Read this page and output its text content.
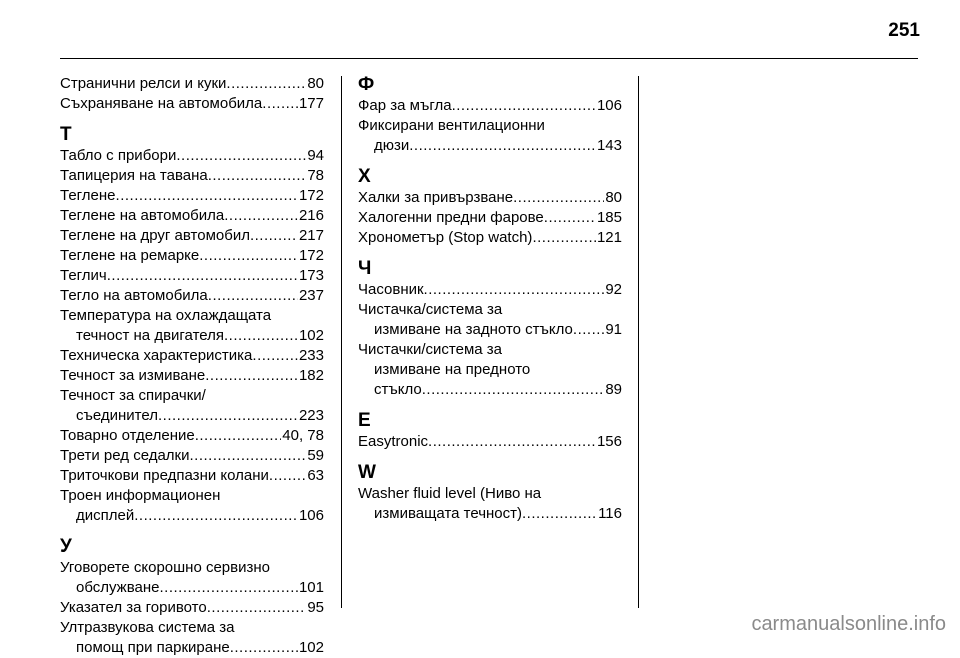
251
Странични релси и куки .....	80
Съхраняване на автомобила ..... 177
Т
Табло с прибори .....	94
Тапицерия на тавана .....	78
Теглене .....	172
Теглене на автомобила .....	216
Теглене на друг автомобил .....	217
Теглене на ремарке .....	172
Теглич .....	173
Тегло на автомобила .....	237
Температура на охлаждащата
течност на двигателя .....	102
Техническа характеристика .....	233
Течност за измиване .....	182
Течност за спирачки/
съединител .....	223
Товарно отделение .....	40, 78
Трети ред седалки .....	59
Триточкови предпазни колани .....	63
Троен информационен
дисплей .....	106
У
Уговорете скорошно сервизно
обслужване .....	101
Указател за горивото .....	95
Ултразвукова система за
помощ при паркиране .....	102
Ф
Фар за мъгла .....	106
Фиксирани вентилационни
дюзи .....	143
Х
Халки за привързване .....	80
Халогенни предни фарове .....	185
Хронометър (Stop watch) .....	121
Ч
Часовник .....	92
Чистачка/система за
измиване на задното стъкло ..... 91
Чистачки/система за
измиване на предното
стъкло .....	89
E
Easytronic .....	156
W
Washer fluid level (Ниво на
измиващата течност) .....	116
carmanualsonline.info
